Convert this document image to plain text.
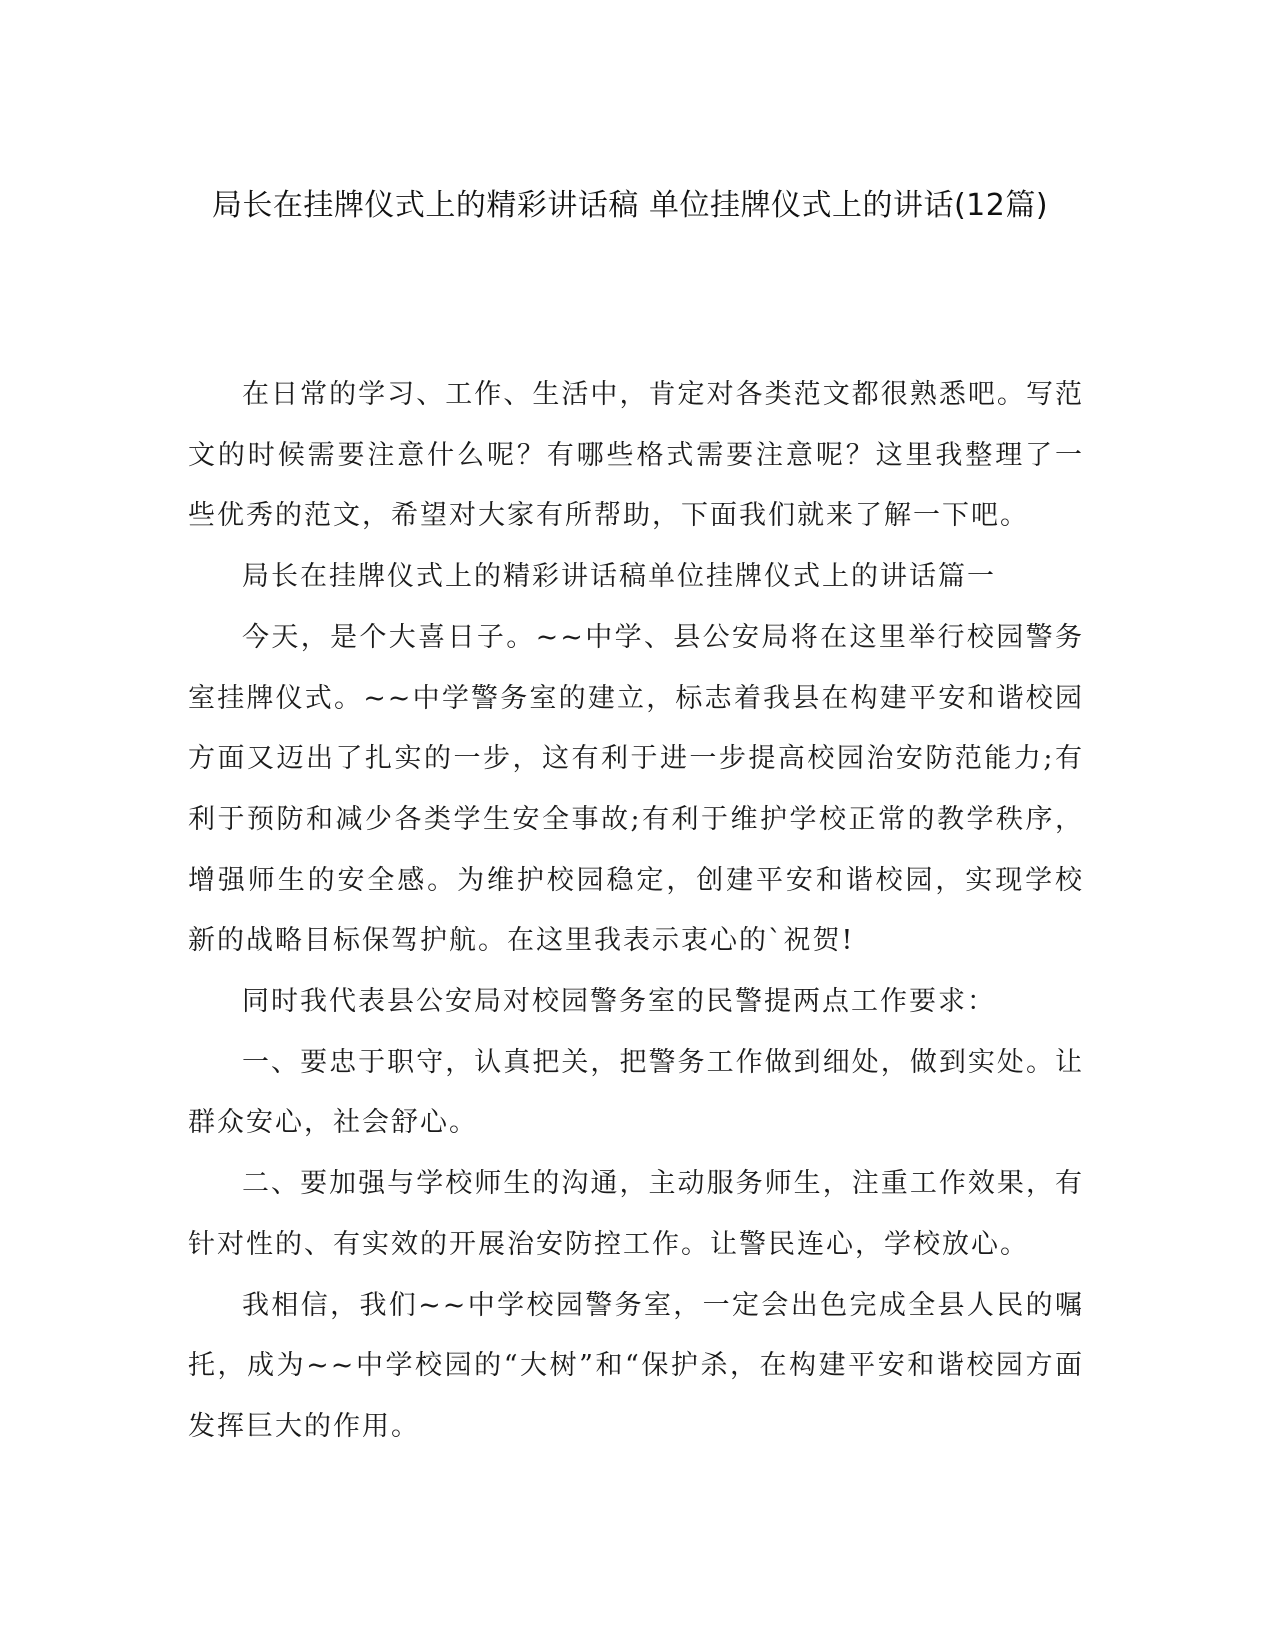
局长在挂牌仪式上的精彩讲话稿 单位挂牌仪式上的讲话(12篇)

在日常的学习、工作、生活中，肯定对各类范文都很熟悉吧。写范文的时候需要注意什么呢？有哪些格式需要注意呢？这里我整理了一些优秀的范文，希望对大家有所帮助，下面我们就来了解一下吧。

局长在挂牌仪式上的精彩讲话稿单位挂牌仪式上的讲话篇一

今天，是个大喜日子。~~中学、县公安局将在这里举行校园警务室挂牌仪式。~~中学警务室的建立，标志着我县在构建平安和谐校园方面又迈出了扎实的一步，这有利于进一步提高校园治安防范能力;有利于预防和减少各类学生安全事故;有利于维护学校正常的教学秩序，增强师生的安全感。为维护校园稳定，创建平安和谐校园，实现学校新的战略目标保驾护航。在这里我表示衷心的`祝贺!

同时我代表县公安局对校园警务室的民警提两点工作要求：

一、要忠于职守，认真把关，把警务工作做到细处，做到实处。让群众安心，社会舒心。

二、要加强与学校师生的沟通，主动服务师生，注重工作效果，有针对性的、有实效的开展治安防控工作。让警民连心，学校放心。

我相信，我们~~中学校园警务室，一定会出色完成全县人民的嘱托，成为~~中学校园的“大树”和“保护杀，在构建平安和谐校园方面发挥巨大的作用。
